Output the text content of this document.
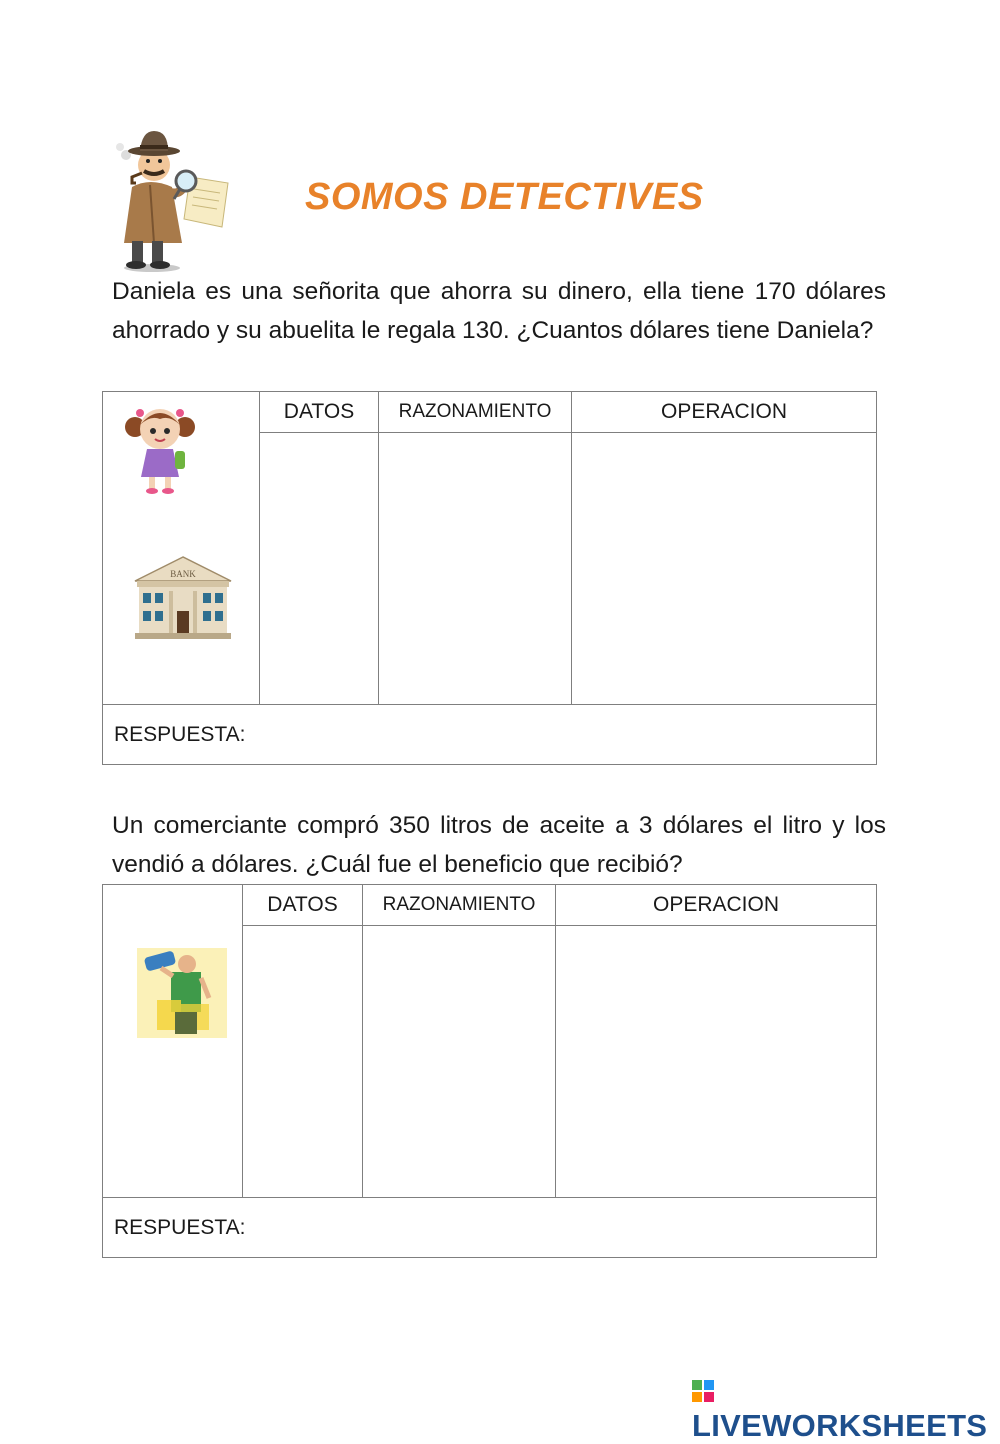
SOMOS DETECTIVES
Daniela es una señorita que ahorra su dinero, ella tiene 170 dólares ahorrado y su abuelita le regala 130. ¿Cuantos dólares tiene Daniela?
BANK	DATOS	RAZONAMIENTO	OPERACION

RESPUESTA:			
Un comerciante compró 350 litros de aceite a 3 dólares el litro y los vendió a dólares. ¿Cuál fue el beneficio que recibió?
	DATOS	RAZONAMIENTO	OPERACION

RESPUESTA:			
LIVEWORKSHEETS
